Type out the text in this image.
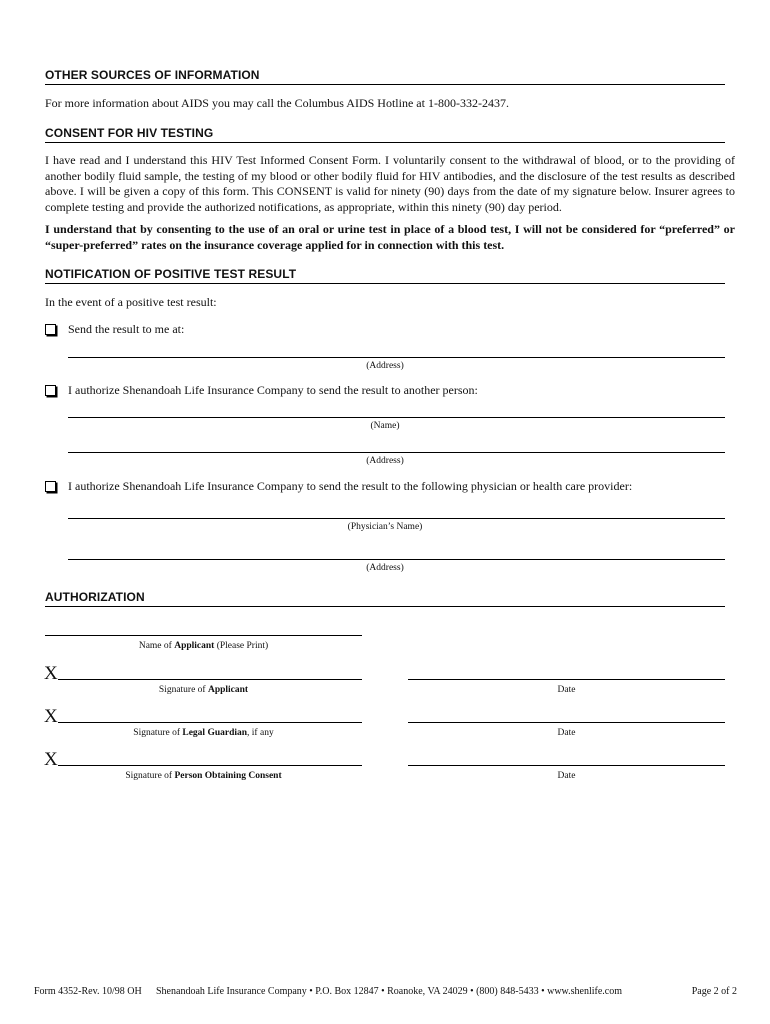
OTHER SOURCES OF INFORMATION
For more information about AIDS you may call the Columbus AIDS Hotline at 1-800-332-2437.
CONSENT FOR HIV TESTING
I have read and I understand this HIV Test Informed Consent Form. I voluntarily consent to the withdrawal of blood, or to the providing of another bodily fluid sample, the testing of my blood or other bodily fluid for HIV antibodies, and the disclosure of the test results as described above. I will be given a copy of this form. This CONSENT is valid for ninety (90) days from the date of my signature below. Insurer agrees to complete testing and provide the authorized notifications, as appropriate, within this ninety (90) day period.
I understand that by consenting to the use of an oral or urine test in place of a blood test, I will not be considered for “preferred” or “super-preferred” rates on the insurance coverage applied for in connection with this test.
NOTIFICATION OF POSITIVE TEST RESULT
In the event of a positive test result:
Send the result to me at:
(Address)
I authorize Shenandoah Life Insurance Company to send the result to another person:
(Name)
(Address)
I authorize Shenandoah Life Insurance Company to send the result to the following physician or health care provider:
(Physician’s Name)
(Address)
AUTHORIZATION
Name of Applicant (Please Print)
X
Signature of Applicant	Date
X
Signature of Legal Guardian, if any	Date
X
Signature of Person Obtaining Consent	Date
Form 4352-Rev. 10/98 OH Shenandoah Life Insurance Company • P.O. Box 12847 • Roanoke, VA 24029 • (800) 848-5433 • www.shenlife.com	Page 2 of 2
